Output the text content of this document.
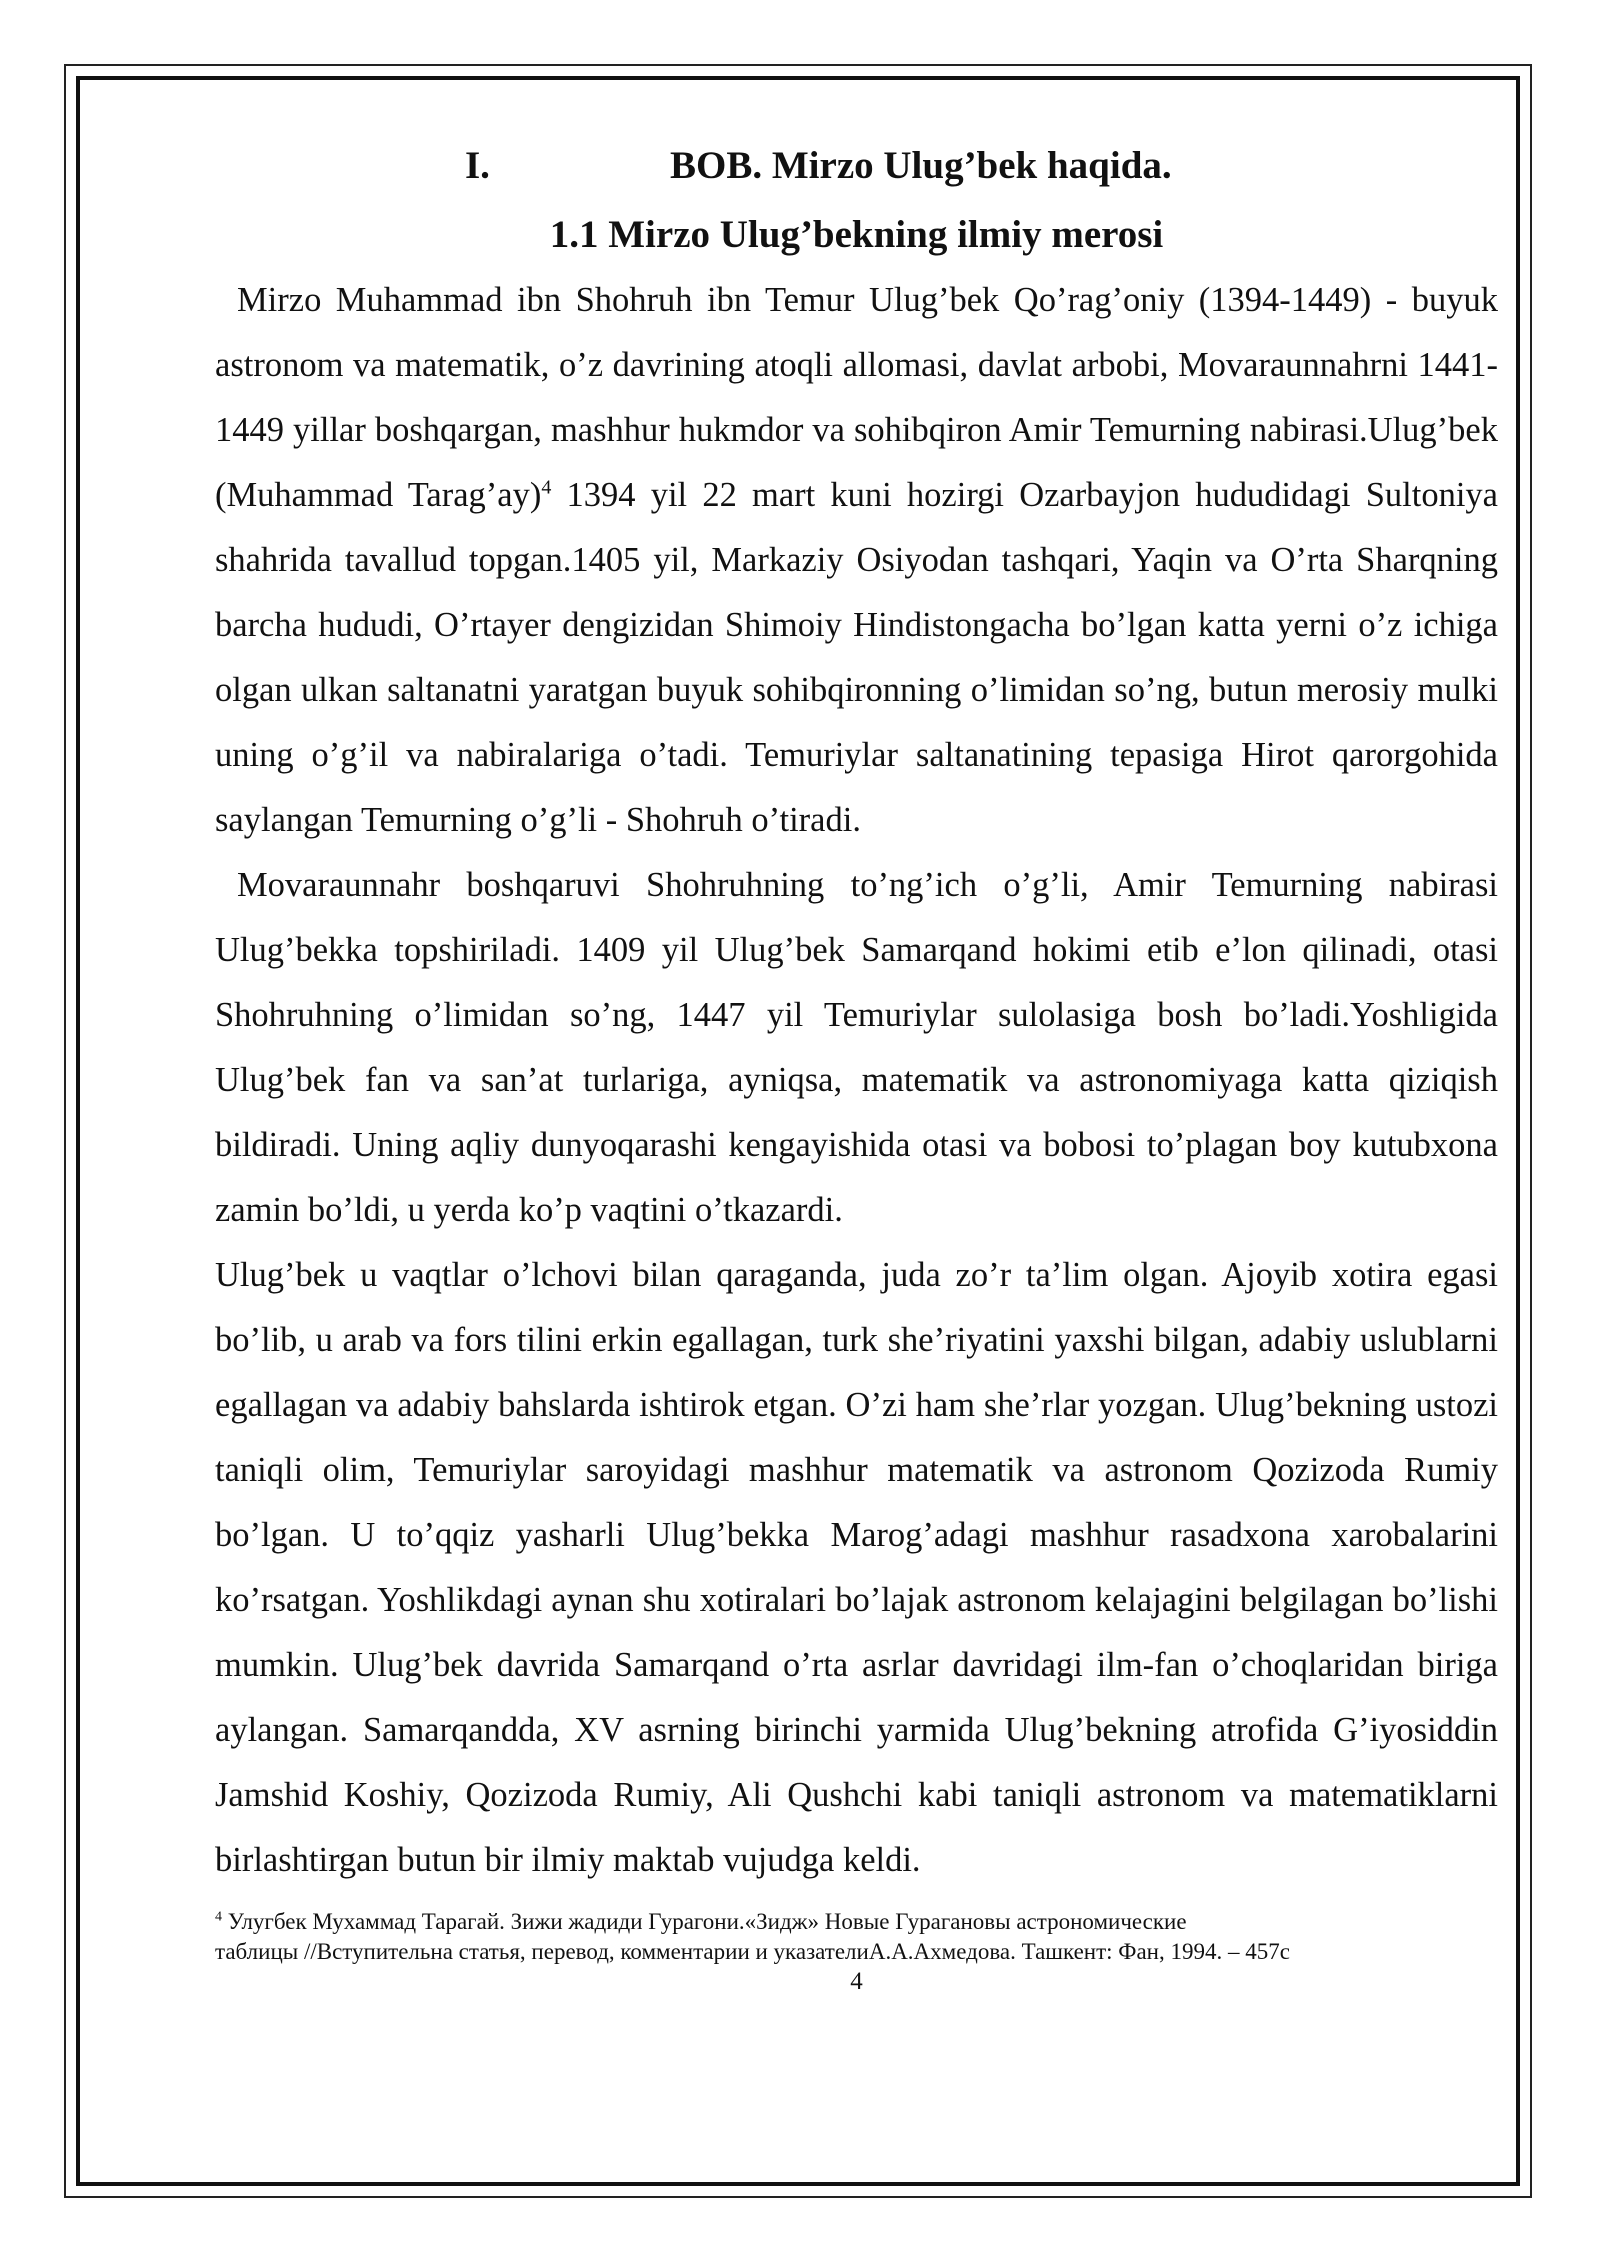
I.	BOB. Mirzo Ulug’bek haqida.
1.1 Mirzo Ulug’bekning ilmiy merosi

Mirzo Muhammad ibn Shohruh ibn Temur Ulug’bek Qo’rag’oniy (1394-1449) - buyuk astronom va matematik, o’z davrining atoqli allomasi, davlat arbobi, Movaraunnahrni 1441-1449 yillar boshqargan, mashhur hukmdor va sohibqiron Amir Temurning nabirasi.Ulug’bek (Muhammad Tarag’ay)$^4$ 1394 yil 22 mart kuni hozirgi Ozarbayjon hududidagi Sultoniya shahrida tavallud topgan.1405 yil, Markaziy Osiyodan tashqari, Yaqin va O’rta Sharqning barcha hududi, O’rtayer dengizidan Shimoiy Hindistongacha bo’lgan katta yerni o’z ichiga olgan ulkan saltanatni yaratgan buyuk sohibqironning o’limidan so’ng, butun merosiy mulki uning o’g’il va nabiralariga o’tadi. Temuriylar saltanatining tepasiga Hirot qarorgohida saylangan Temurning o’g’li - Shohruh o’tiradi.

Movaraunnahr boshqaruvi Shohruhning to’ng’ich o’g’li, Amir Temurning nabirasi Ulug’bekka topshiriladi. 1409 yil Ulug’bek Samarqand hokimi etib e’lon qilinadi, otasi Shohruhning o’limidan so’ng, 1447 yil Temuriylar sulolasiga bosh bo’ladi.Yoshligida Ulug’bek fan va san’at turlariga, ayniqsa, matematik va astronomiyaga katta qiziqish bildiradi. Uning aqliy dunyoqarashi kengayishida otasi va bobosi to’plagan boy kutubxona zamin bo’ldi, u yerda ko’p vaqtini o’tkazardi.

Ulug’bek u vaqtlar o’lchovi bilan qaraganda, juda zo’r ta’lim olgan. Ajoyib xotira egasi bo’lib, u arab va fors tilini erkin egallagan, turk she’riyatini yaxshi bilgan, adabiy uslublarni egallagan va adabiy bahslarda ishtirok etgan. O’zi ham she’rlar yozgan. Ulug’bekning ustozi taniqli olim, Temuriylar saroyidagi mashhur matematik va astronom Qozizoda Rumiy bo’lgan. U to’qqiz yasharli Ulug’bekka Marog’adagi mashhur rasadxona xarobalarini ko’rsatgan. Yoshlikdagi aynan shu xotiralari bo’lajak astronom kelajagini belgilagan bo’lishi mumkin. Ulug’bek davrida Samarqand o’rta asrlar davridagi ilm-fan o’choqlaridan biriga aylangan. Samarqandda, XV asrning birinchi yarmida Ulug’bekning atrofida G’iyosiddin Jamshid Koshiy, Qozizoda Rumiy, Ali Qushchi kabi taniqli astronom va matematiklarni birlashtirgan butun bir ilmiy maktab vujudga keldi.

$^4$ Улугбек Мухаммад Тарагай. Зижи жадиди Гурагони.«Зидж» Новые Гурагановы астрономические
таблицы //Вступительна статья, перевод, комментарии и указателиА.А.Ахмедова. Ташкент: Фан, 1994. – 457с
4
